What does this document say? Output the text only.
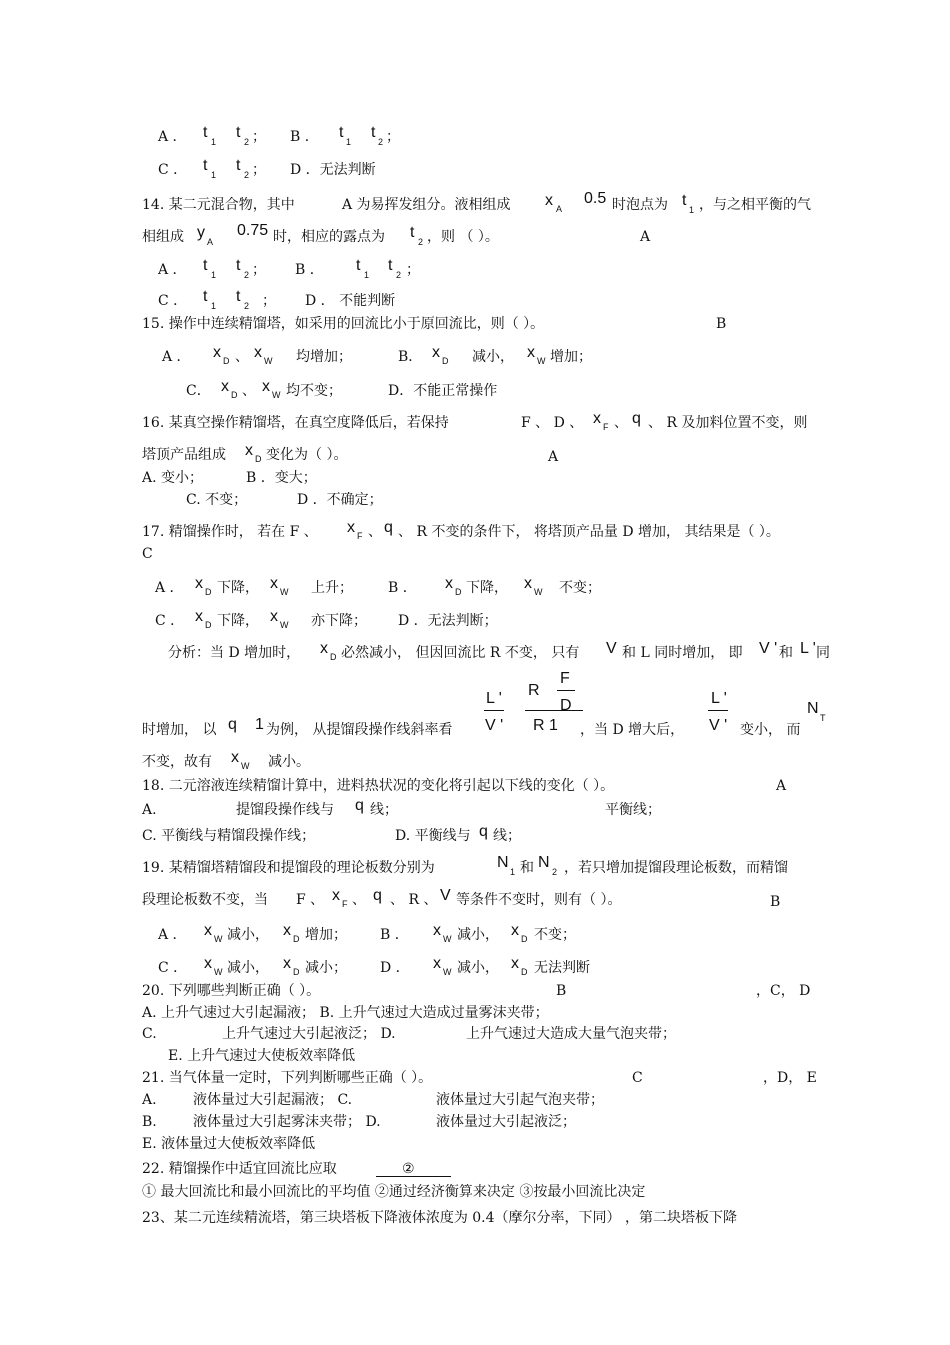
A ． t
1
t
2 ； B ． t
1
t
2 ；
C ． t
1
t
2 ； D ．无法判断
14. 某二元混合物，其中	A 为易挥发组分。液相组成 x A
0.5 时泡点为 t
1 ，与之相平衡的气
相组成 y
A
0.75 时，相应的露点为 t
2 ，则 （ ）。	A
A ． t
1
t
2 ； B ． t
1
t
2 ；
C ． t
1
t
2 ； D ． 不能判断
15. 操作中连续精馏塔，如采用的回流比小于原回流比，则（ ）。	B
A ． x D 、 x W 均增加；	B． x D 减小， x W 增加；
C． x D 、 x W 均不变；	D．不能正常操作
16. 某真空操作精馏塔，在真空度降低后，若保持	F 、 D 、 x F 、 q 、 R 及加料位置不变，则
塔顶产品组成 x D 变化为（ ）。	A
A. 变小；	B ．变大；
C. 不变；	D ．不确定；
17. 精馏操作时， 若在 F 、 x F 、 q 、 R 不变的条件下， 将塔顶产品量 D 增加， 其结果是（ ）。
C
A ． x D 下降， x W 上升；	B ． x D 下降， x W 不变；
C ． x D 下降， x W 亦下降； D ．无法判断；
分析：当 D 增加时， x D 必然减小， 但因回流比 R 不变， 只有 V 和 L 同时增加， 即 V ' 和 L ' 同
L '
V '
R
F
D
R 1
L '
V '
N
T
时增加， 以 q 1 为例， 从提馏段操作线斜率看	，当 D 增大后，	变小， 而
不变，故有 x W 减小。
18. 二元溶液连续精馏计算中，进料热状况的变化将引起以下线的变化（ ）。	A
A.	提馏段操作线与 q 线；	平衡线；
C. 平衡线与精馏段操作线；	D. 平衡线与 q 线；
19. 某精馏塔精馏段和提馏段的理论板数分别为	N
1 和 N
2 ，若只增加提馏段理论板数，而精馏
段理论板数不变，当 F 、 x F 、 q 、 R 、 V 等条件不变时，则有（ ）。	B
A ． x W 减小， x D 增加； B ． x W 减小， x D 不变；
C ． x W 减小， x D 减小； D ． x W 减小， x D 无法判断
20. 下列哪些判断正确（ ）。	B	，C， D
A. 上升气速过大引起漏液； B. 上升气速过大造成过量雾沫夹带；
C.	上升气速过大引起液泛； D.	上升气速过大造成大量气泡夹带；
E. 上升气速过大使板效率降低
21. 当气体量一定时，下列判断哪些正确（ ）。	C	，D， E
A.	液体量过大引起漏液； C.	液体量过大引起气泡夹带；
B.	液体量过大引起雾沫夹带； D.	液体量过大引起液泛；
E. 液体量过大使板效率降低
22. 精馏操作中适宜回流比应取	②
① 最大回流比和最小回流比的平均值 ②通过经济衡算来决定 ③按最小回流比决定
23、某二元连续精流塔，第三块塔板下降液体浓度为 0.4（摩尔分率，下同） ，第二块塔板下降
